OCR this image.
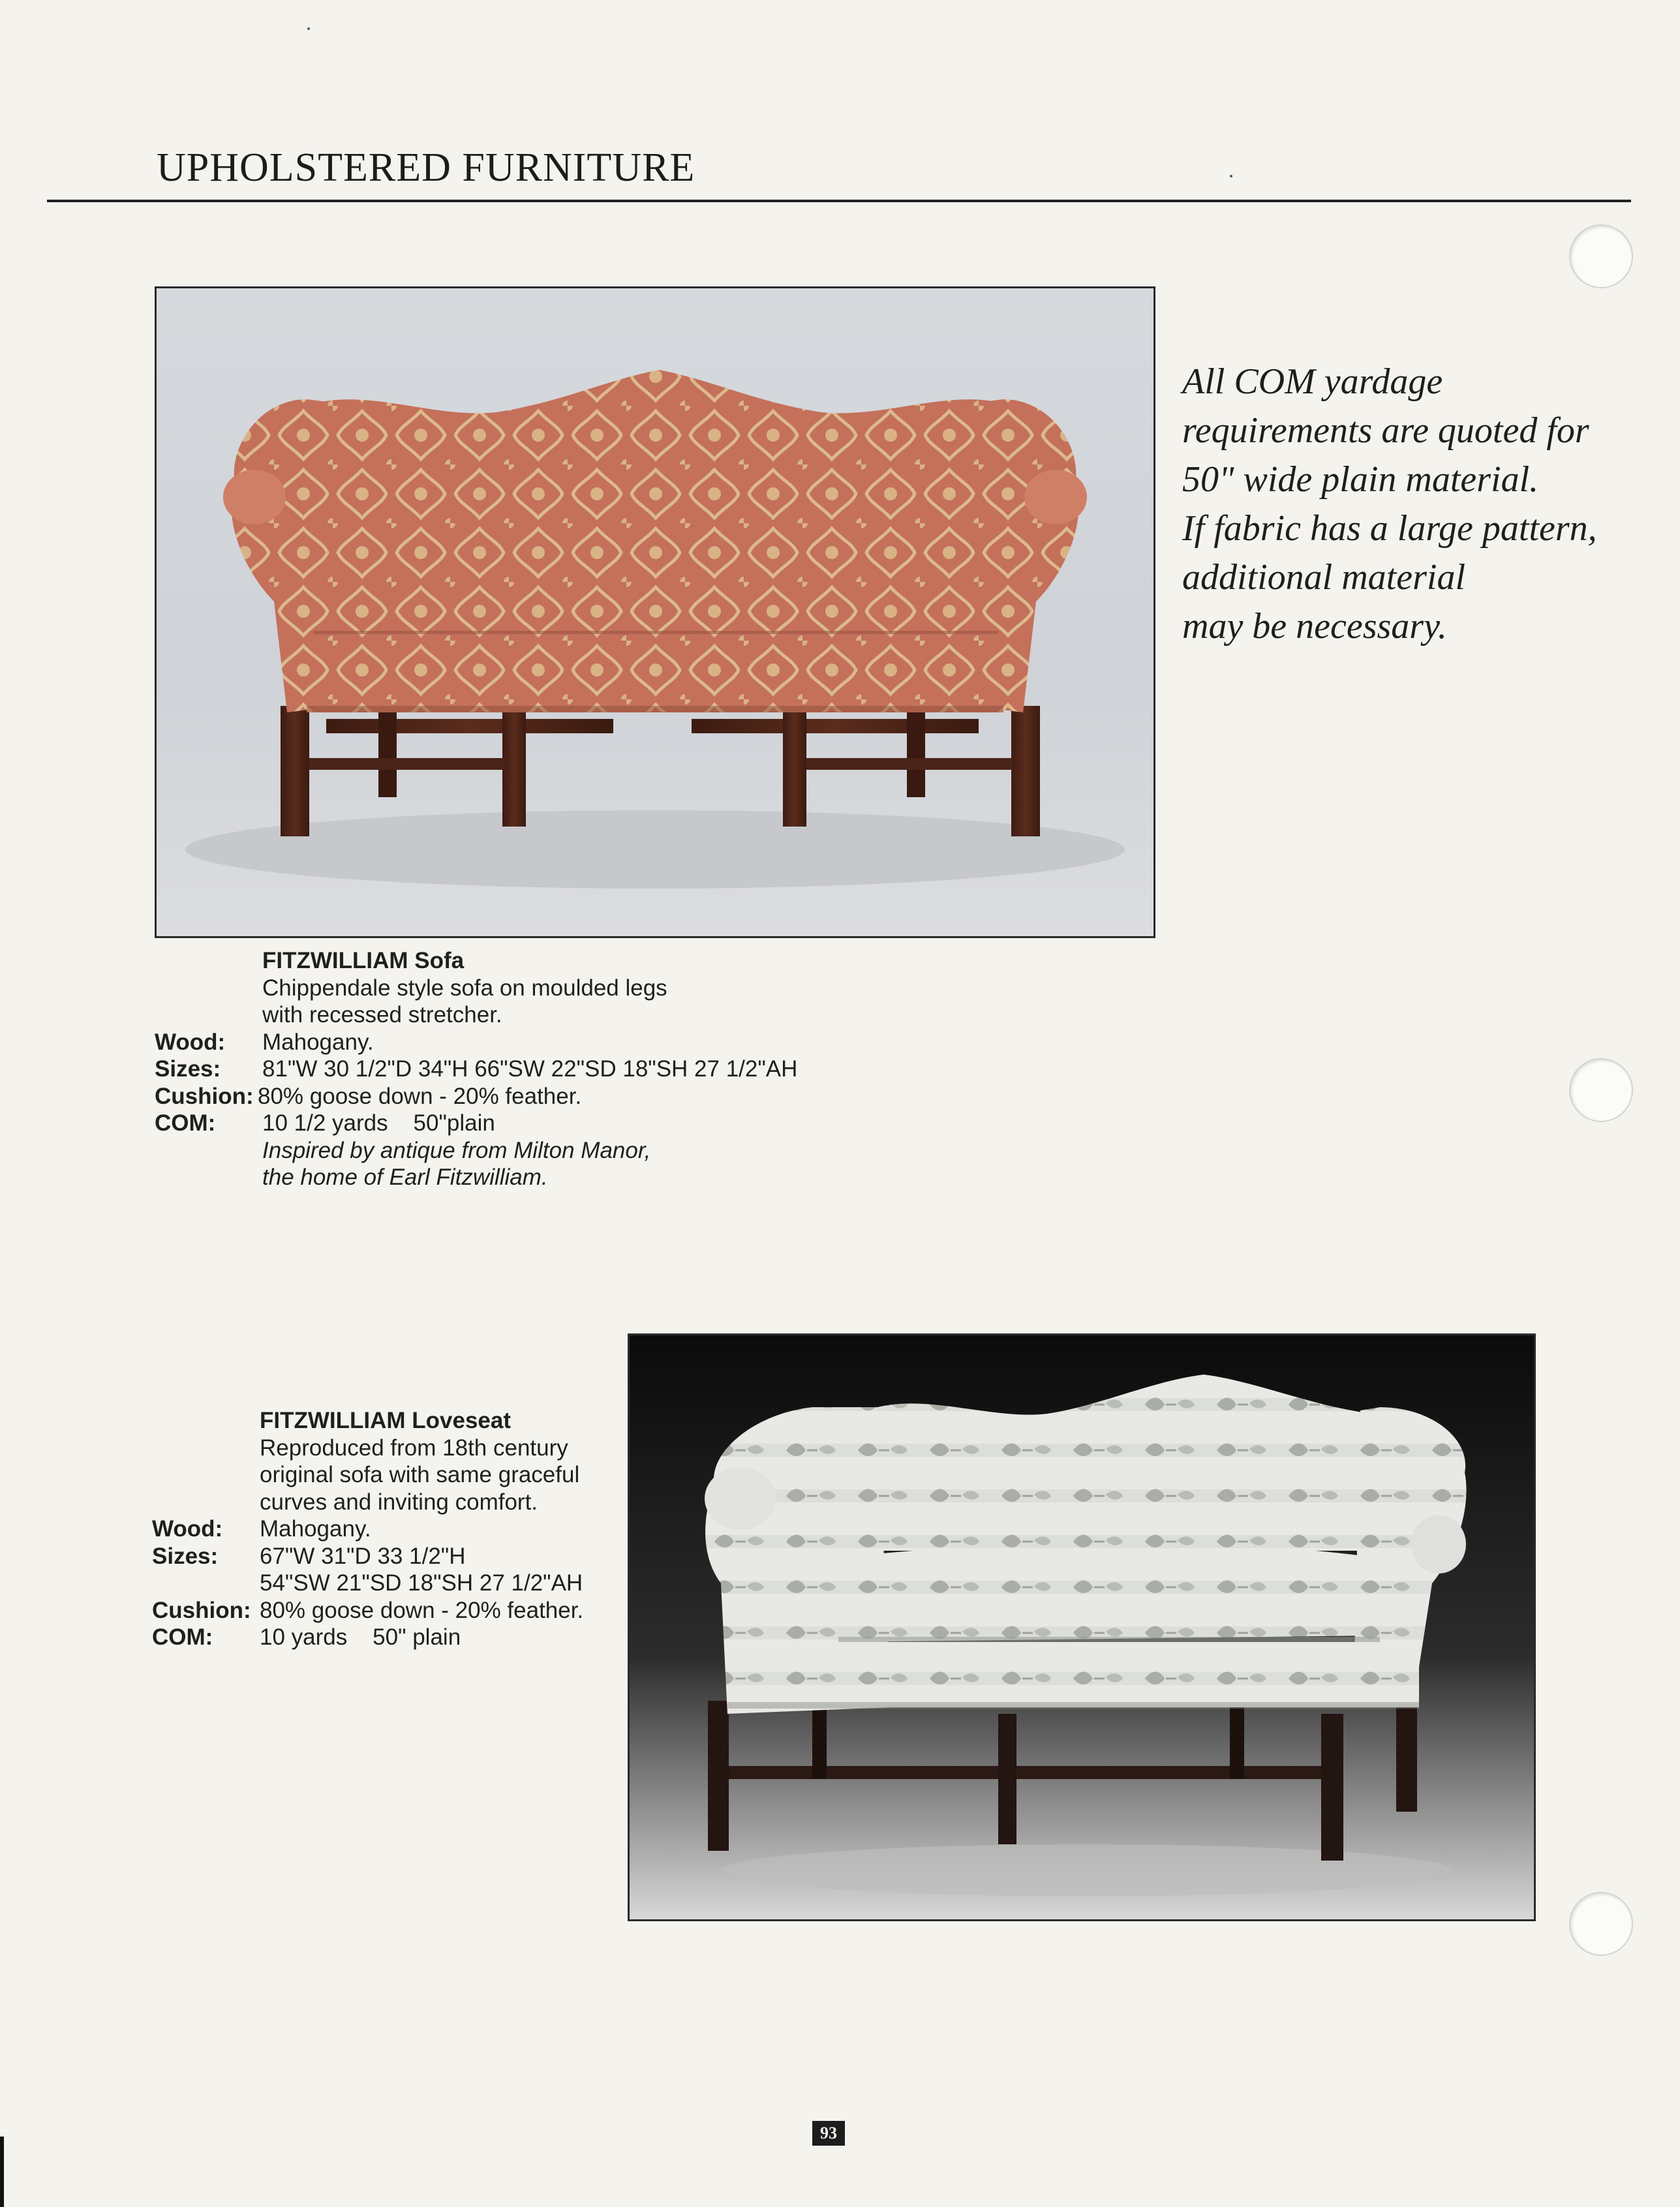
UPHOLSTERED FURNITURE
All COM yardage
requirements are quoted for
50" wide plain material.
If fabric has a large pattern,
additional material
may be necessary.
FITZWILLIAM Sofa
Chippendale style sofa on moulded legs
with recessed stretcher.
Wood: Mahogany.
Sizes: 81"W 30 1/2"D 34"H 66"SW 22"SD 18"SH 27 1/2"AH
Cushion: 80% goose down - 20% feather.
COM: 10 1/2 yards    50"plain
Inspired by antique from Milton Manor,
the home of Earl Fitzwilliam.
FITZWILLIAM Loveseat
Reproduced from 18th century
original sofa with same graceful
curves and inviting comfort.
Wood: Mahogany.
Sizes: 67"W 31"D 33 1/2"H
54"SW 21"SD 18"SH 27 1/2"AH
Cushion: 80% goose down - 20% feather.
COM: 10 yards    50" plain
93
